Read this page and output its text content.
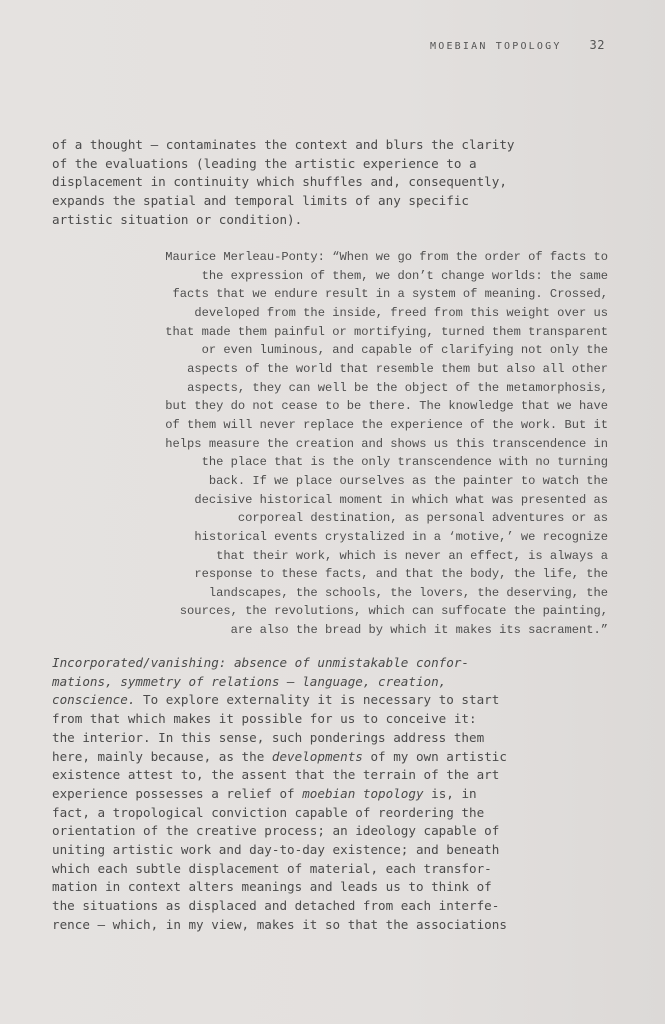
MOEBIAN TOPOLOGY 32

of a thought – contaminates the context and blurs the clarity
of the evaluations (leading the artistic experience to a
displacement in continuity which shuffles and, consequently,
expands the spatial and temporal limits of any specific
artistic situation or condition).

Maurice Merleau-Ponty: “When we go from the order of facts to
the expression of them, we don’t change worlds: the same
facts that we endure result in a system of meaning. Crossed,
developed from the inside, freed from this weight over us
that made them painful or mortifying, turned them transparent
or even luminous, and capable of clarifying not only the
aspects of the world that resemble them but also all other
aspects, they can well be the object of the metamorphosis,
but they do not cease to be there. The knowledge that we have
of them will never replace the experience of the work. But it
helps measure the creation and shows us this transcendence in
the place that is the only transcendence with no turning
back. If we place ourselves as the painter to watch the
decisive historical moment in which what was presented as
corporeal destination, as personal adventures or as
historical events crystalized in a ‘motive,’ we recognize
that their work, which is never an effect, is always a
response to these facts, and that the body, the life, the
landscapes, the schools, the lovers, the deserving, the
sources, the revolutions, which can suffocate the painting,
are also the bread by which it makes its sacrament.”

Incorporated/vanishing: absence of unmistakable confor-
mations, symmetry of relations – language, creation,
conscience. To explore externality it is necessary to start
from that which makes it possible for us to conceive it:
the interior. In this sense, such ponderings address them
here, mainly because, as the developments of my own artistic
existence attest to, the assent that the terrain of the art
experience possesses a relief of moebian topology is, in
fact, a tropological conviction capable of reordering the
orientation of the creative process; an ideology capable of
uniting artistic work and day-to-day existence; and beneath
which each subtle displacement of material, each transfor-
mation in context alters meanings and leads us to think of
the situations as displaced and detached from each interfe-
rence – which, in my view, makes it so that the associations
